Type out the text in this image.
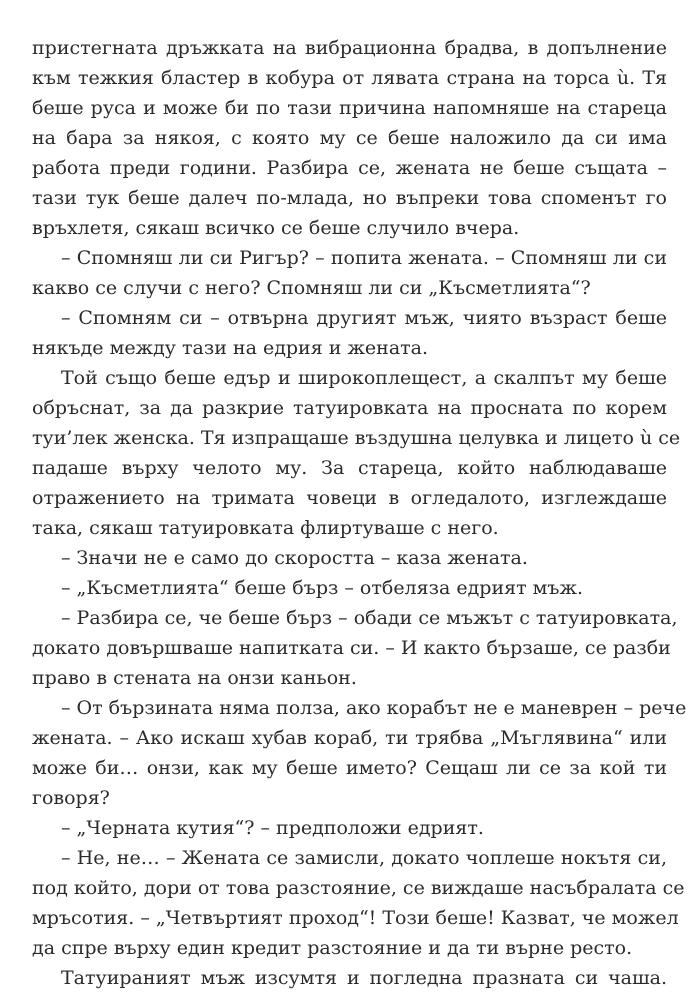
пристегната дръжката на вибрационна брадва, в допълнение

към тежкия бластер в кобура от лявата страна на торса ù. Тя

беше руса и може би по тази причина напомняше на стареца

на бара за някоя, с която му се беше наложило да си има

работа преди години. Разбира се, жената не беше същата –

тази тук беше далеч по-млада, но въпреки това споменът го

връхлетя, сякаш всичко се беше случило вчера.

– Спомняш ли си Ригър? – попита жената. – Спомняш ли си

какво се случи с него? Спомняш ли си „Късметлията“?

– Спомням си – отвърна другият мъж, чиято възраст беше

някъде между тази на едрия и жената.

Той също беше едър и широкоплещест, а скалпът му беше

обръснат, за да разкрие татуировката на проснатa по корем

туи’лек женска. Тя изпращаше въздушна целувка и лицето ù се

падаше върху челото му. За стареца, който наблюдаваше

отражението на тримата човеци в огледалото, изглеждаше

така, сякаш татуировката флиртуваше с него.

– Значи не е само до скоростта – каза жената.

– „Късметлията“ беше бърз – отбеляза едрият мъж.

– Разбира се, че беше бърз – обади се мъжът с татуировката,

докато довършваше напитката си. – И както бързаше, се разби

право в стената на онзи каньон.

– От бързината няма полза, ако корабът не е маневрен – рече

жената. – Ако искаш хубав кораб, ти трябва „Мъглявина“ или

може би… онзи, как му беше името? Сещаш ли се за кой ти

говоря?

– „Черната кутия“? – предположи едрият.

– Не, не… – Жената се замисли, докато чоплеше нокътя си,

под който, дори от това разстояние, се виждаше насъбралата се

мръсотия. – „Четвъртият проход“! Този беше! Казват, че можел

да спре върху един кредит разстояние и да ти върне ресто.

Татуираният мъж изсумтя и погледна празната си чаша.
